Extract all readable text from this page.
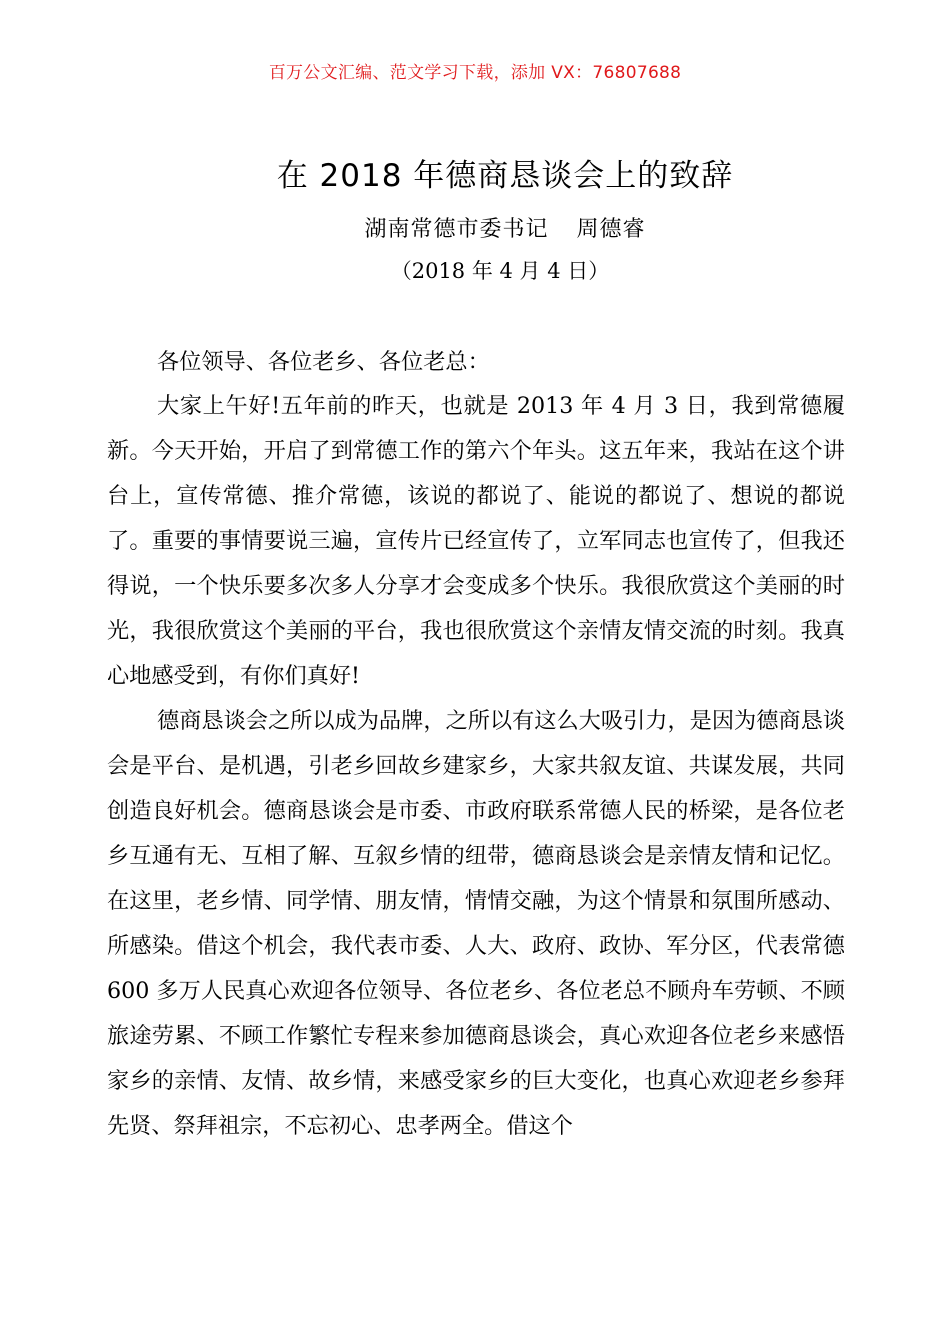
百万公文汇编、范文学习下载，添加 VX：76807688
在 2018 年德商恳谈会上的致辞
湖南常德市委书记 周德睿
（2018 年 4 月 4 日）

各位领导、各位老乡、各位老总：

大家上午好!五年前的昨天，也就是 2013 年 4 月 3 日，我到常德履新。今天开始，开启了到常德工作的第六个年头。这五年来，我站在这个讲台上，宣传常德、推介常德，该说的都说了、能说的都说了、想说的都说了。重要的事情要说三遍，宣传片已经宣传了，立军同志也宣传了，但我还得说，一个快乐要多次多人分享才会变成多个快乐。我很欣赏这个美丽的时光，我很欣赏这个美丽的平台，我也很欣赏这个亲情友情交流的时刻。我真心地感受到，有你们真好!

德商恳谈会之所以成为品牌，之所以有这么大吸引力，是因为德商恳谈会是平台、是机遇，引老乡回故乡建家乡，大家共叙友谊、共谋发展，共同创造良好机会。德商恳谈会是市委、市政府联系常德人民的桥梁，是各位老乡互通有无、互相了解、互叙乡情的纽带，德商恳谈会是亲情友情和记忆。在这里，老乡情、同学情、朋友情，情情交融，为这个情景和氛围所感动、所感染。借这个机会，我代表市委、人大、政府、政协、军分区，代表常德 600 多万人民真心欢迎各位领导、各位老乡、各位老总不顾舟车劳顿、不顾旅途劳累、不顾工作繁忙专程来参加德商恳谈会，真心欢迎各位老乡来感悟家乡的亲情、友情、故乡情，来感受家乡的巨大变化，也真心欢迎老乡参拜先贤、祭拜祖宗，不忘初心、忠孝两全。借这个
